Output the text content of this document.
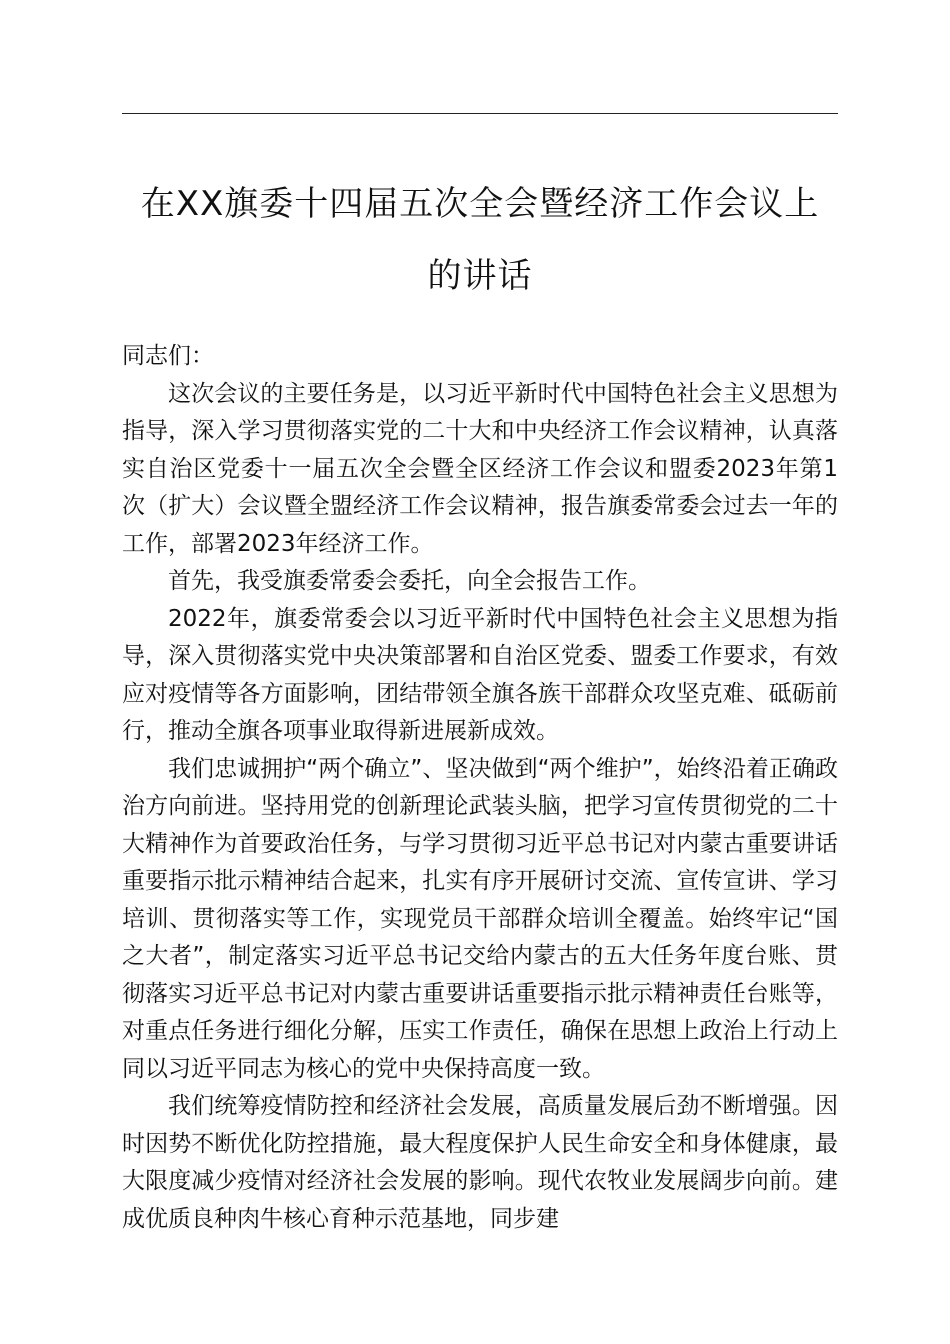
在XX旗委十四届五次全会暨经济工作会议上
的讲话

同志们：

这次会议的主要任务是，以习近平新时代中国特色社会主义思想为指导，深入学习贯彻落实党的二十大和中央经济工作会议精神，认真落实自治区党委十一届五次全会暨全区经济工作会议和盟委2023年第1次（扩大）会议暨全盟经济工作会议精神，报告旗委常委会过去一年的工作，部署2023年经济工作。

首先，我受旗委常委会委托，向全会报告工作。

2022年，旗委常委会以习近平新时代中国特色社会主义思想为指导，深入贯彻落实党中央决策部署和自治区党委、盟委工作要求，有效应对疫情等各方面影响，团结带领全旗各族干部群众攻坚克难、砥砺前行，推动全旗各项事业取得新进展新成效。

我们忠诚拥护“两个确立”、坚决做到“两个维护”，始终沿着正确政治方向前进。坚持用党的创新理论武装头脑，把学习宣传贯彻党的二十大精神作为首要政治任务，与学习贯彻习近平总书记对内蒙古重要讲话重要指示批示精神结合起来，扎实有序开展研讨交流、宣传宣讲、学习培训、贯彻落实等工作，实现党员干部群众培训全覆盖。始终牢记“国之大者”，制定落实习近平总书记交给内蒙古的五大任务年度台账、贯彻落实习近平总书记对内蒙古重要讲话重要指示批示精神责任台账等，对重点任务进行细化分解，压实工作责任，确保在思想上政治上行动上同以习近平同志为核心的党中央保持高度一致。

我们统筹疫情防控和经济社会发展，高质量发展后劲不断增强。因时因势不断优化防控措施，最大程度保护人民生命安全和身体健康，最大限度减少疫情对经济社会发展的影响。现代农牧业发展阔步向前。建成优质良种肉牛核心育种示范基地，同步建
